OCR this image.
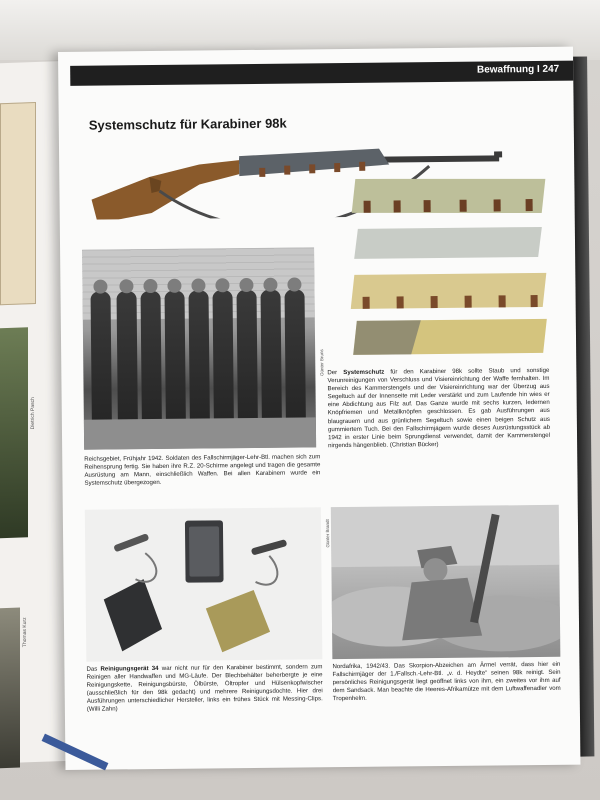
Dietrich Pasch
Thomas Kurz
Bewaffnung I 247
Systemschutz für Karabiner 98k
Günter Bruns
Reichsgebiet, Frühjahr 1942. Soldaten des Fallschirmjäger-Lehr-Btl. machen sich zum Reihensprung fertig. Sie haben ihre R.Z. 20-Schirme angelegt und tragen die gesamte Ausrüstung am Mann, einschließlich Waffen. Bei allen Karabinern wurde ein Systemschutz übergezogen.
Der Systemschutz für den Karabiner 98k sollte Staub und sonstige Verunreinigungen von Verschluss und Visiereinrichtung der Waffe fernhalten. Im Bereich des Kammerstengels und der Visiereinrichtung war der Überzug aus Segeltuch auf der Innenseite mit Leder verstärkt und zum Laufende hin wies er eine Abdichtung aus Filz auf. Das Ganze wurde mit sechs kurzen, ledernen Knöpfriemen und Metallknöpfen geschlossen. Es gab Ausführungen aus blaugrauem und aus grünlichem Segeltuch sowie einen beigen Schutz aus gummiertem Tuch. Bei den Fallschirmjägern wurde dieses Ausrüstungsstück ab 1942 in erster Linie beim Sprungdienst verwendet, damit der Kammerstengel nirgends hängenblieb. (Christian Bücker)
Günter Brandt
Das Reinigungsgerät 34 war nicht nur für den Karabiner bestimmt, sondern zum Reinigen aller Handwaffen und MG-Läufe. Der Blechbehälter beherbergte je eine Reinigungskette, Reinigungsbürste, Ölbürste, Öltropfer und Hülsenkopfwischer (ausschließlich für den 98k gedacht) und mehrere Reinigungsdochte. Hier drei Ausführungen unterschiedlicher Hersteller, links ein frühes Stück mit Messing-Clips. (Willi Zahn)
Nordafrika, 1942/43. Das Skorpion-Abzeichen am Ärmel verrät, dass hier ein Fallschirmjäger der 1./Fallsch.-Lehr-Btl. „v. d. Heydte“ seinen 98k reinigt. Sein persönliches Reinigungsgerät liegt geöffnet links von ihm, ein zweites vor ihm auf dem Sandsack. Man beachte die Heeres-Afrikamütze mit dem Luftwaffenadler vom Tropenhelm.
